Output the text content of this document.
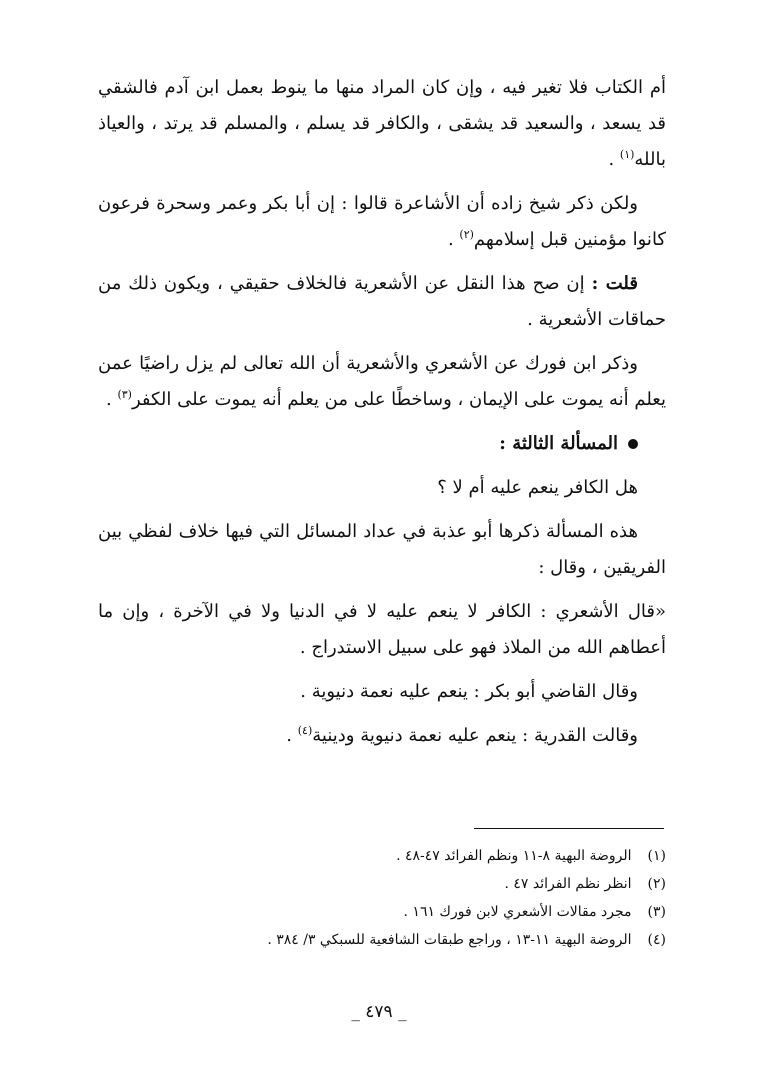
أم الكتاب فلا تغير فيه ، وإن كان المراد منها ما ينوط بعمل ابن آدم فالشقي قد يسعد ، والسعيد قد يشقى ، والكافر قد يسلم ، والمسلم قد يرتد ، والعياذ بالله$^{(١)}$ .

ولكن ذكر شيخ زاده أن الأشاعرة قالوا : إن أبا بكر وعمر وسحرة فرعون كانوا مؤمنين قبل إسلامهم$^{(٢)}$ .

قلت : إن صح هذا النقل عن الأشعرية فالخلاف حقيقي ، ويكون ذلك من حماقات الأشعرية .

وذكر ابن فورك عن الأشعري والأشعرية أن الله تعالى لم يزل راضيًا عمن يعلم أنه يموت على الإيمان ، وساخطًا على من يعلم أنه يموت على الكفر$^{(٣)}$ .

المسألة الثالثة :

هل الكافر ينعم عليه أم لا ؟

هذه المسألة ذكرها أبو عذبة في عداد المسائل التي فيها خلاف لفظي بين الفريقين ، وقال :

«قال الأشعري : الكافر لا ينعم عليه لا في الدنيا ولا في الآخرة ، وإن ما أعطاهم الله من الملاذ فهو على سبيل الاستدراج .

وقال القاضي أبو بكر : ينعم عليه نعمة دنيوية .

وقالت القدرية : ينعم عليه نعمة دنيوية ودينية$^{(٤)}$ .

(١) الروضة البهية ٨-١١ ونظم الفرائد ٤٧-٤٨ .
(٢) انظر نظم الفرائد ٤٧ .
(٣) مجرد مقالات الأشعري لابن فورك ١٦١ .
(٤) الروضة البهية ١١-١٣ ، وراجع طبقات الشافعية للسبكي ٣/ ٣٨٤ .
_ ٤٧٩ _
